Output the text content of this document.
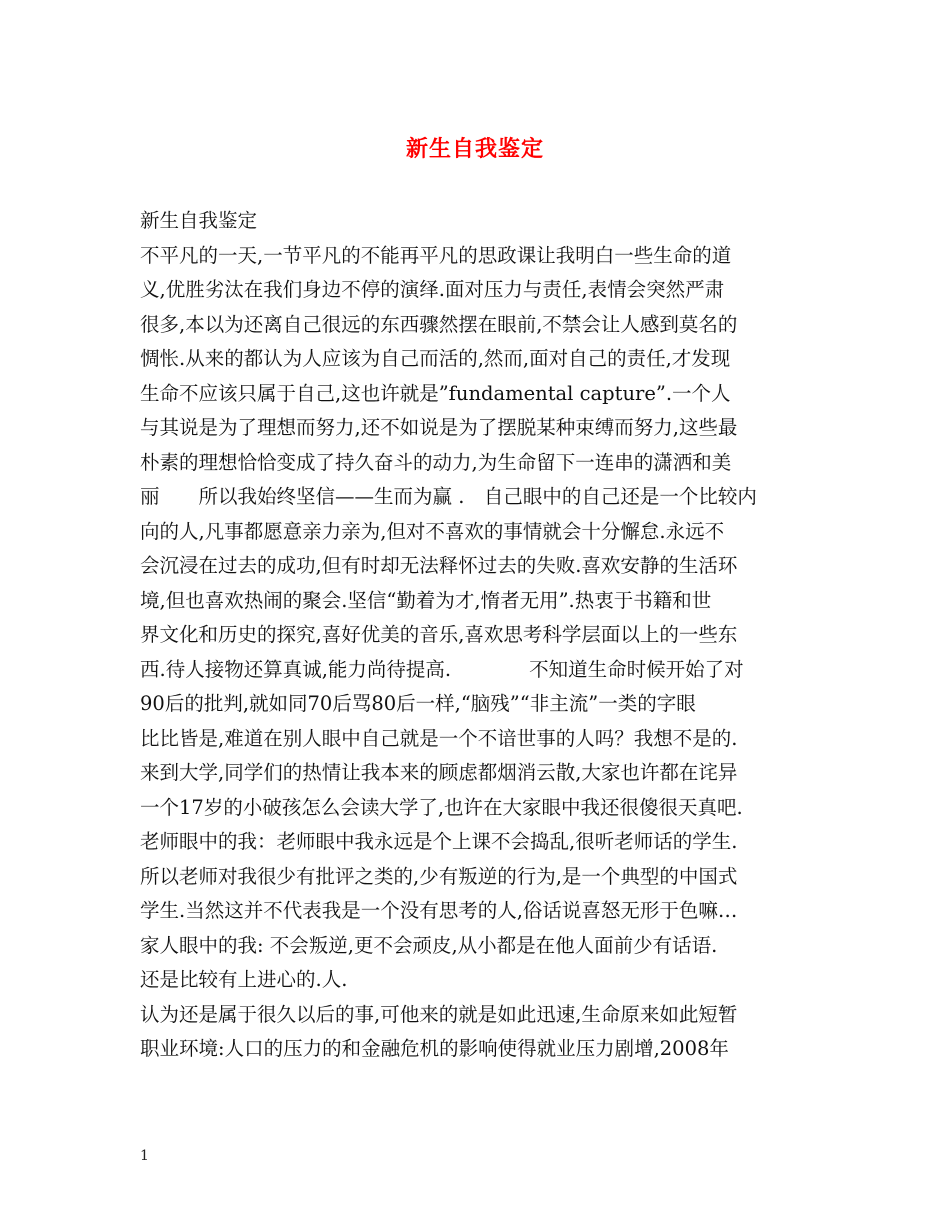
新生自我鉴定
新生自我鉴定
不平凡的一天,一节平凡的不能再平凡的思政课让我明白一些生命的道
义,优胜劣汰在我们身边不停的演绎.面对压力与责任,表情会突然严肃
很多,本以为还离自己很远的东西骤然摆在眼前,不禁会让人感到莫名的
惆怅.从来的都认为人应该为自己而活的,然而,面对自己的责任,才发现
生命不应该只属于自己,这也许就是”fundamental capture”.一个人
与其说是为了理想而努力,还不如说是为了摆脱某种束缚而努力,这些最
朴素的理想恰恰变成了持久奋斗的动力,为生命留下一连串的潇洒和美
丽　　所以我始终坚信——生而为赢 .　自己眼中的自己还是一个比较内
向的人,凡事都愿意亲力亲为,但对不喜欢的事情就会十分懈怠.永远不
会沉浸在过去的成功,但有时却无法释怀过去的失败.喜欢安静的生活环
境,但也喜欢热闹的聚会.坚信“勤着为才,惰者无用”.热衷于书籍和世
界文化和历史的探究,喜好优美的音乐,喜欢思考科学层面以上的一些东
西.待人接物还算真诚,能力尚待提高.　　　　不知道生命时候开始了对
90后的批判,就如同70后骂80后一样,“脑残”“非主流”一类的字眼
比比皆是,难道在别人眼中自己就是一个不谙世事的人吗？我想不是的.
来到大学,同学们的热情让我本来的顾虑都烟消云散,大家也许都在诧异
一个17岁的小破孩怎么会读大学了,也许在大家眼中我还很傻很天真吧.
老师眼中的我：老师眼中我永远是个上课不会捣乱,很听老师话的学生.
所以老师对我很少有批评之类的,少有叛逆的行为,是一个典型的中国式
学生.当然这并不代表我是一个没有思考的人,俗话说喜怒无形于色嘛…
家人眼中的我: 不会叛逆,更不会顽皮,从小都是在他人面前少有话语.
还是比较有上进心的.人.
认为还是属于很久以后的事,可他来的就是如此迅速,生命原来如此短暂
职业环境:人口的压力的和金融危机的影响使得就业压力剧增,2008年
1
